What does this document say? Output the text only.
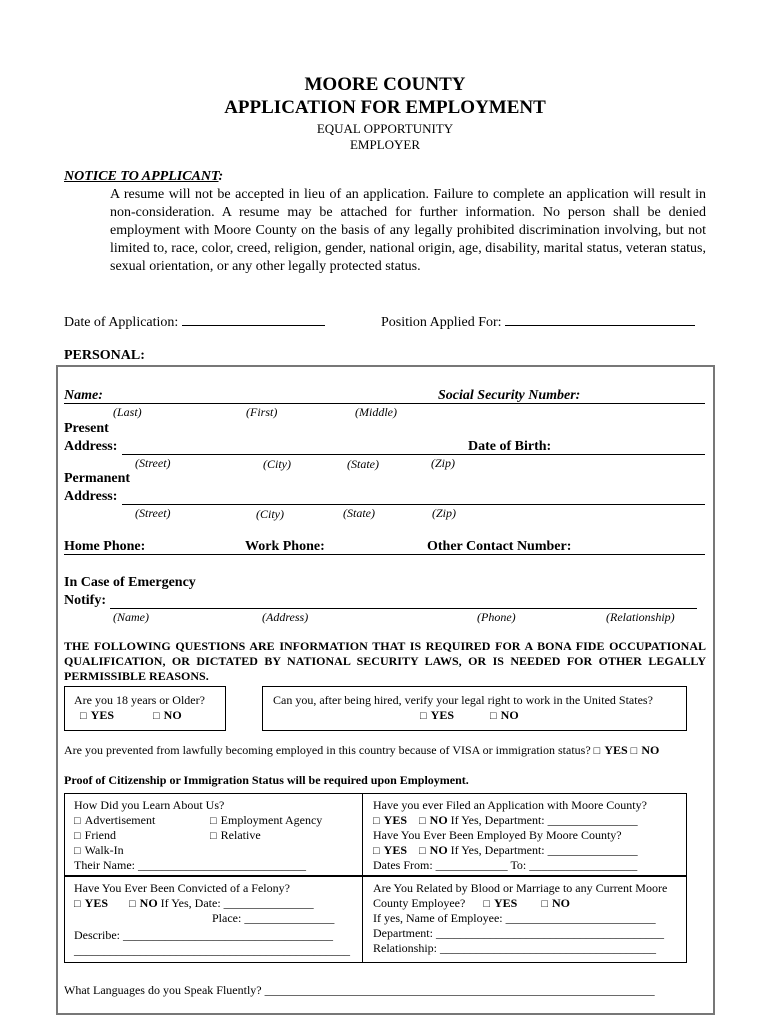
MOORE COUNTY
APPLICATION FOR EMPLOYMENT
EQUAL OPPORTUNITY
EMPLOYER
NOTICE TO APPLICANT:
A resume will not be accepted in lieu of an application. Failure to complete an application will result in non-consideration. A resume may be attached for further information. No person shall be denied employment with Moore County on the basis of any legally prohibited discrimination involving, but not limited to, race, color, creed, religion, gender, national origin, age, disability, marital status, veteran status, sexual orientation, or any other legally protected status.
Date of Application:	Position Applied For:
PERSONAL:
Name:	Social Security Number:
(Last)	(First)	(Middle)
Present
Address:	Date of Birth:
(Street)	(City)	(State)	(Zip)
Permanent
Address:
(Street)	(City)	(State)	(Zip)
Home Phone:	Work Phone:	Other Contact Number:
In Case of Emergency
Notify:
(Name)	(Address)	(Phone)	(Relationship)
THE FOLLOWING QUESTIONS ARE INFORMATION THAT IS REQUIRED FOR A BONA FIDE OCCUPATIONAL QUALIFICATION, OR DICTATED BY NATIONAL SECURITY LAWS, OR IS NEEDED FOR OTHER LEGALLY PERMISSIBLE REASONS.
Are you 18 years or Older?
□ YES	□ NO
Can you, after being hired, verify your legal right to work in the United States?
□ YES	□ NO
Are you prevented from lawfully becoming employed in this country because of VISA or immigration status? □ YES □ NO
Proof of Citizenship or Immigration Status will be required upon Employment.
How Did you Learn About Us?
□ Advertisement	□ Employment Agency
□ Friend	□ Relative
□ Walk-In
Their Name: ____________________________
Have you ever Filed an Application with Moore County?
□ YES □ NO If Yes, Department: _______________
Have You Ever Been Employed By Moore County?
□ YES □ NO If Yes, Department: _______________
Dates From: ____________ To: __________________
Have You Ever Been Convicted of a Felony?
□ YES □ NO If Yes, Date: _______________
Place: _______________
Describe: ___________________________________
______________________________________________
Are You Related by Blood or Marriage to any Current Moore
County Employee? □ YES □ NO
If yes, Name of Employee: _________________________
Department: ______________________________________
Relationship: ____________________________________
What Languages do you Speak Fluently? _________________________________________________________________
